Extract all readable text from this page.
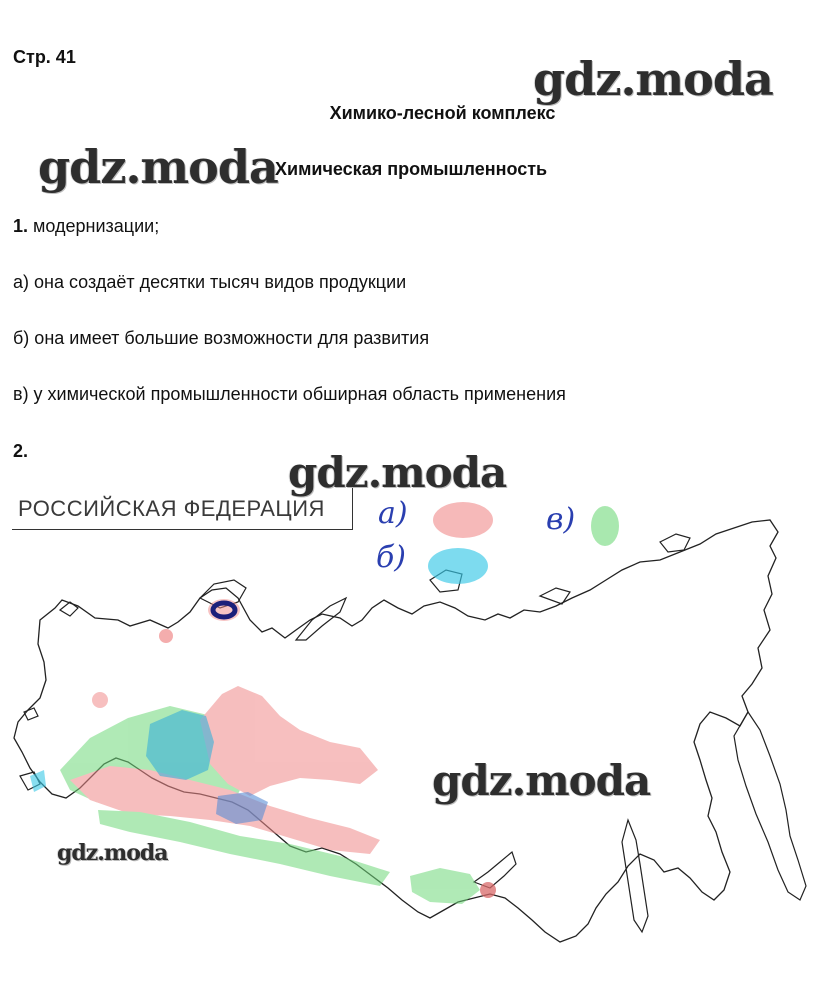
Стр. 41
Химико-лесной комплекс
Химическая промышленность
1. модернизации;
а) она создаёт десятки тысяч видов продукции
б) она имеет большие возможности для развития
в) у химической промышленности обширная область применения
2.
РОССИЙСКАЯ ФЕДЕРАЦИЯ а)
б)
в)
gdz.moda
gdz.moda
gdz.moda
gdz.moda
gdz.moda
